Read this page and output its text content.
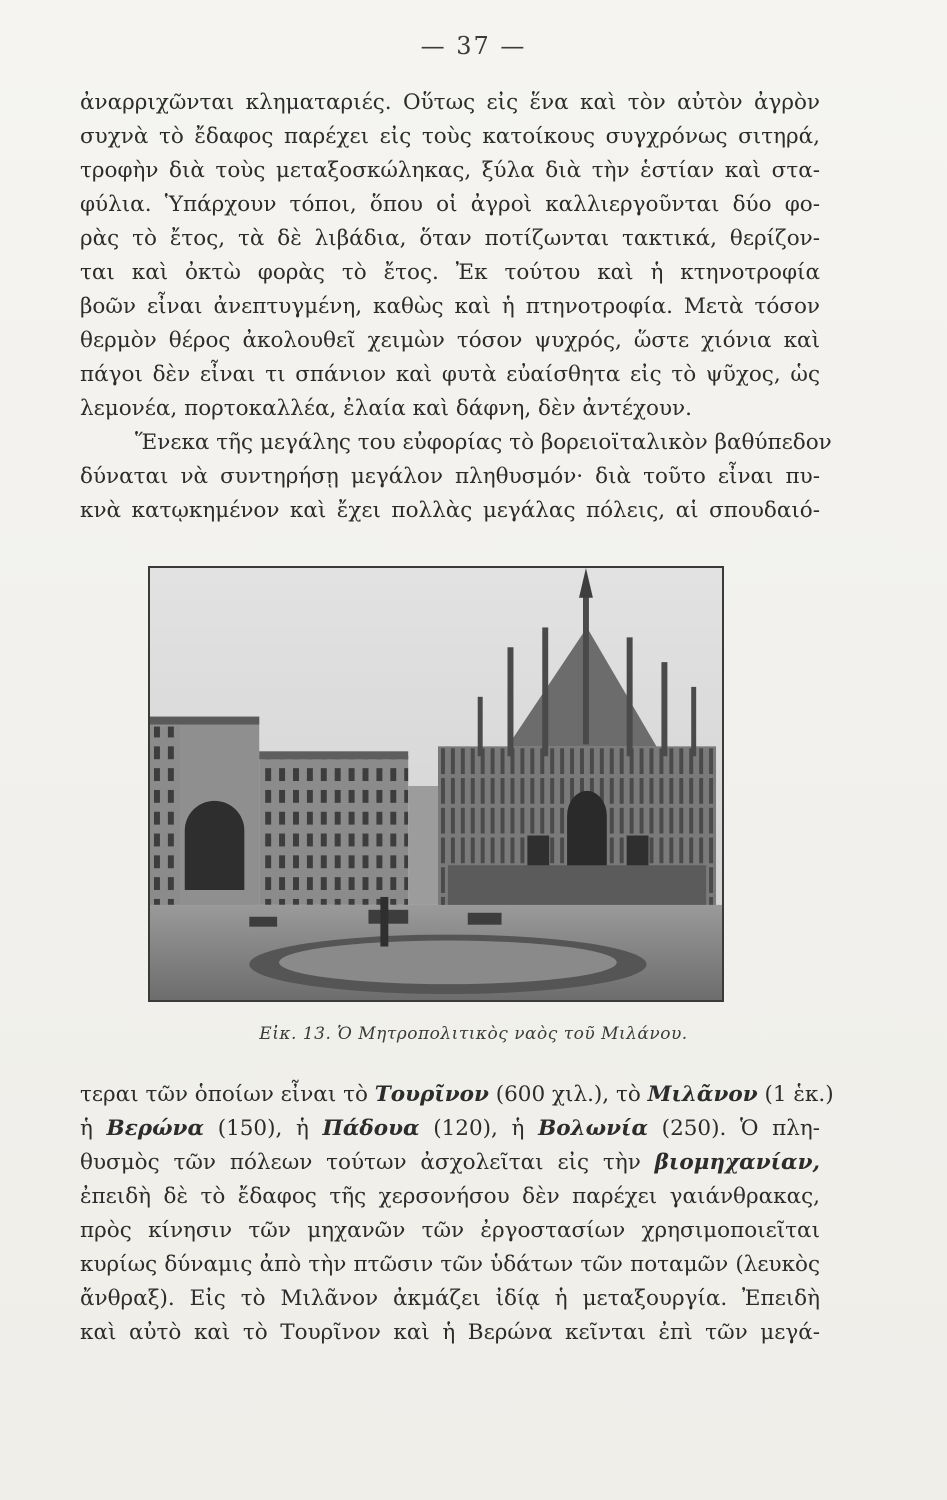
— 37 —
ἀναρριχῶνται κληματαριές. Οὕτως εἰς ἕνα καὶ τὸν αὐτὸν ἀγρὸν
συχνὰ τὸ ἔδαφος παρέχει εἰς τοὺς κατοίκους συγχρόνως σιτηρά,
τροφὴν διὰ τοὺς μεταξοσκώληκας, ξύλα διὰ τὴν ἑστίαν καὶ στα-
φύλια. Ὑπάρχουν τόποι, ὅπου οἱ ἀγροὶ καλλιεργοῦνται δύο φο-
ρὰς τὸ ἔτος, τὰ δὲ λιβάδια, ὅταν ποτίζωνται τακτικά, θερίζον-
ται καὶ ὀκτὼ φορὰς τὸ ἔτος. Ἐκ τούτου καὶ ἡ κτηνοτροφία
βοῶν εἶναι ἀνεπτυγμένη, καθὼς καὶ ἡ πτηνοτροφία. Μετὰ τόσον
θερμὸν θέρος ἀκολουθεῖ χειμὼν τόσον ψυχρός, ὥστε χιόνια καὶ
πάγοι δὲν εἶναι τι σπάνιον καὶ φυτὰ εὐαίσθητα εἰς τὸ ψῦχος, ὡς
λεμονέα, πορτοκαλλέα, ἐλαία καὶ δάφνη, δὲν ἀντέχουν.
Ἕνεκα τῆς μεγάλης του εὐφορίας τὸ βορειοϊταλικὸν βαθύπεδον
δύναται νὰ συντηρήσῃ μεγάλον πληθυσμόν· διὰ τοῦτο εἶναι πυ-
κνὰ κατῳκημένον καὶ ἔχει πολλὰς μεγάλας πόλεις, αἱ σπουδαιό-
Εἰκ. 13. Ὁ Μητροπολιτικὸς ναὸς τοῦ Μιλάνου.
τεραι τῶν ὁποίων εἶναι τὸ Τουρῖνον (600 χιλ.), τὸ Μιλᾶνον (1 ἑκ.)
ἡ Βερώνα (150), ἡ Πάδουα (120), ἡ Βολωνία (250). Ὁ πλη-
θυσμὸς τῶν πόλεων τούτων ἀσχολεῖται εἰς τὴν βιομηχανίαν,
ἐπειδὴ δὲ τὸ ἔδαφος τῆς χερσονήσου δὲν παρέχει γαιάνθρακας,
πρὸς κίνησιν τῶν μηχανῶν τῶν ἐργοστασίων χρησιμοποιεῖται
κυρίως δύναμις ἀπὸ τὴν πτῶσιν τῶν ὑδάτων τῶν ποταμῶν (λευκὸς
ἄνθραξ). Εἰς τὸ Μιλᾶνον ἀκμάζει ἰδίᾳ ἡ μεταξουργία. Ἐπειδὴ
καὶ αὐτὸ καὶ τὸ Τουρῖνον καὶ ἡ Βερώνα κεῖνται ἐπὶ τῶν μεγά-
